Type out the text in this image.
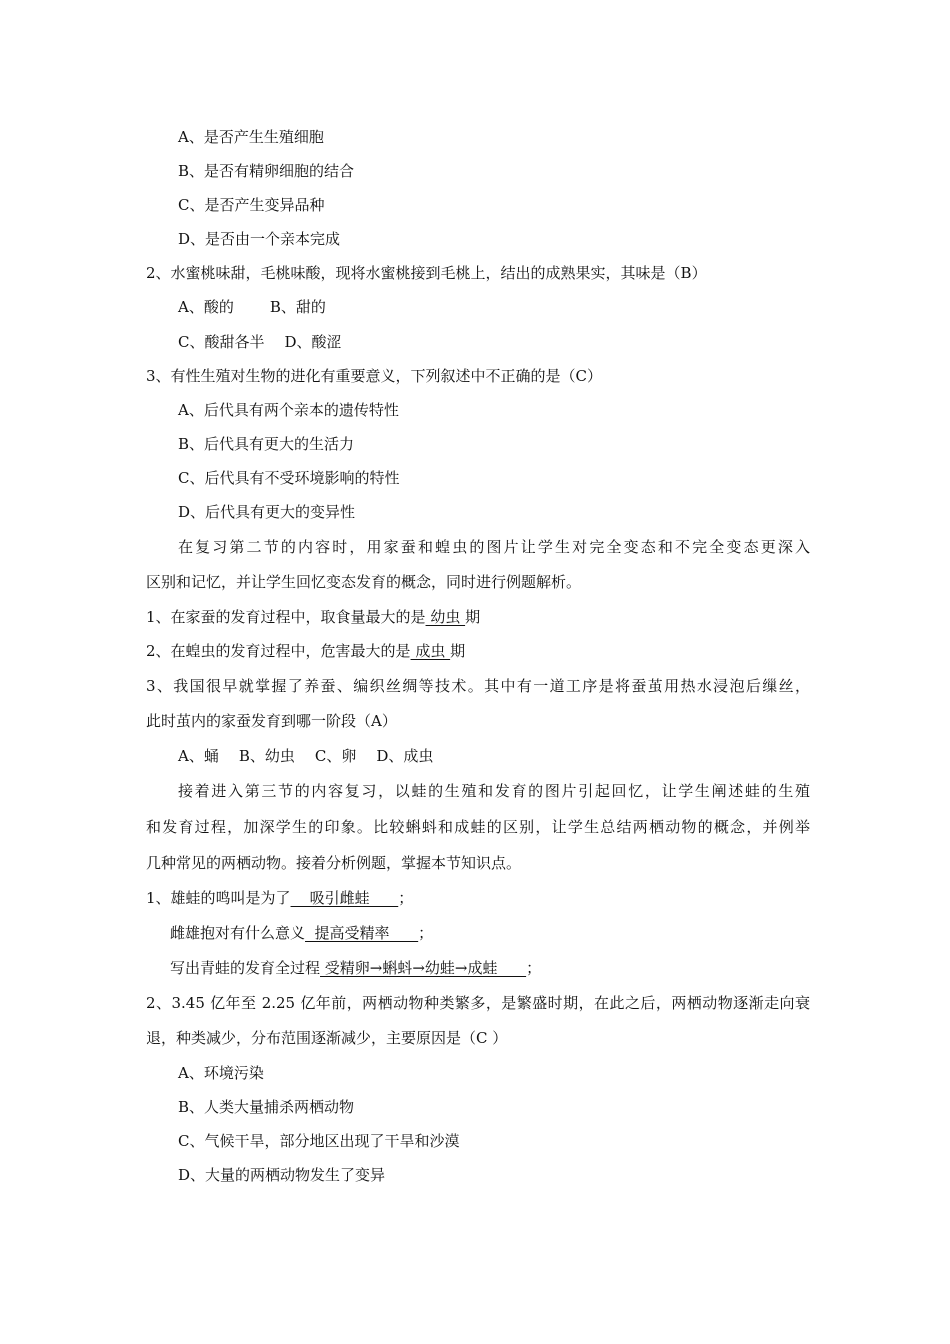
A、是否产生生殖细胞
B、是否有精卵细胞的结合
C、是否产生变异品种
D、是否由一个亲本完成
2、水蜜桃味甜，毛桃味酸，现将水蜜桃接到毛桃上，结出的成熟果实，其味是（B）
A、酸的 B、甜的
C、酸甜各半 D、酸涩
3、有性生殖对生物的进化有重要意义，下列叙述中不正确的是（C）
A、后代具有两个亲本的遗传特性
B、后代具有更大的生活力
C、后代具有不受环境影响的特性
D、后代具有更大的变异性
在复习第二节的内容时，用家蚕和蝗虫的图片让学生对完全变态和不完全变态更深入
区别和记忆，并让学生回忆变态发育的概念，同时进行例题解析。
1、在家蚕的发育过程中，取食量最大的是 幼虫 期
2、在蝗虫的发育过程中，危害最大的是 成虫 期
3、我国很早就掌握了养蚕、编织丝绸等技术。其中有一道工序是将蚕茧用热水浸泡后缫丝，
此时茧内的家蚕发育到哪一阶段（A）
A、蛹 B、幼虫 C、卵 D、成虫
接着进入第三节的内容复习，以蛙的生殖和发育的图片引起回忆，让学生阐述蛙的生殖
和发育过程，加深学生的印象。比较蝌蚪和成蛙的区别，让学生总结两栖动物的概念，并例举
几种常见的两栖动物。接着分析例题，掌握本节知识点。
1、雄蛙的鸣叫是为了    吸引雌蛙      ；
雌雄抱对有什么意义  提高受精率      ；
写出青蛙的发育全过程 受精卵→蝌蚪→幼蛙→成蛙      ；
2、3.45 亿年至 2.25 亿年前，两栖动物种类繁多，是繁盛时期，在此之后，两栖动物逐渐走向衰
退，种类减少，分布范围逐渐减少，主要原因是（C ）
A、环境污染
B、人类大量捕杀两栖动物
C、气候干旱，部分地区出现了干旱和沙漠
D、大量的两栖动物发生了变异
